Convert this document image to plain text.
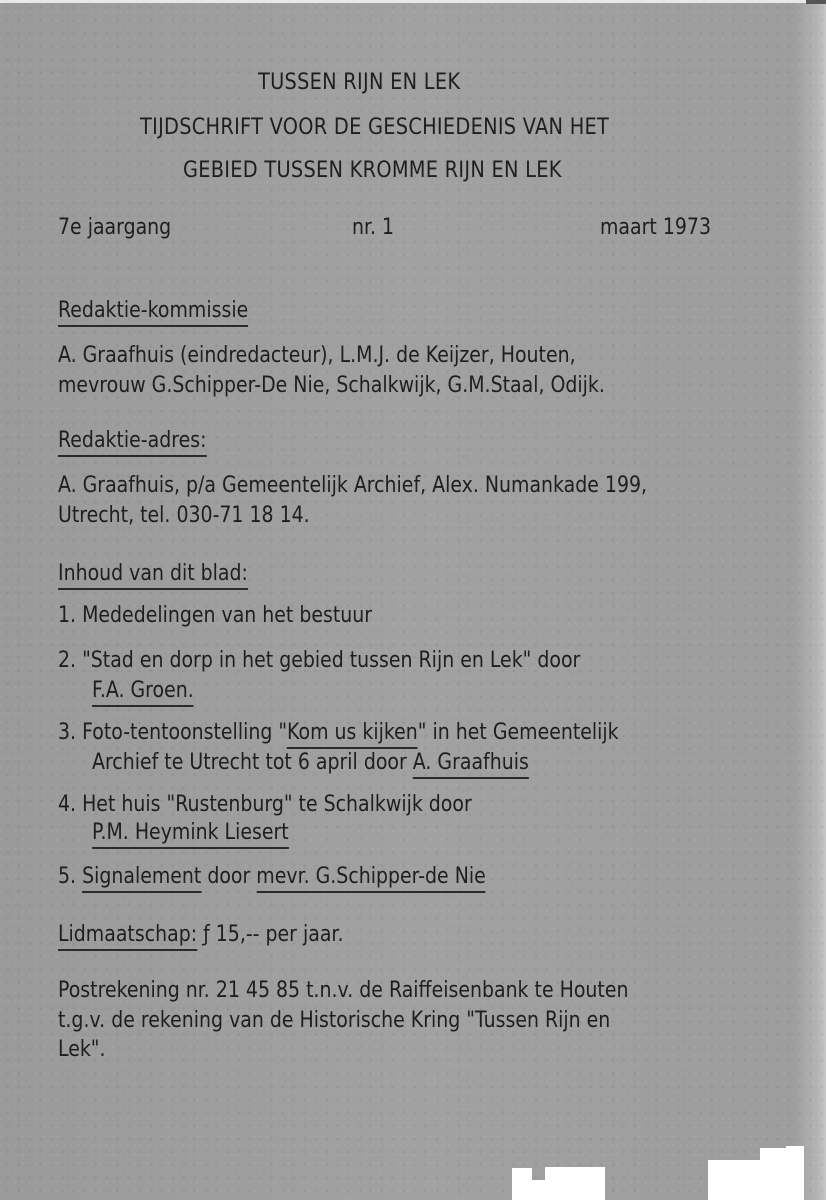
TUSSEN RIJN EN LEK
TIJDSCHRIFT VOOR DE GESCHIEDENIS VAN HET
GEBIED TUSSEN KROMME RIJN EN LEK
7e jaargang	nr. 1	maart 1973
Redaktie-kommissie
A. Graafhuis (eindredacteur), L.M.J. de Keijzer, Houten,
mevrouw G.Schipper-De Nie, Schalkwijk, G.M.Staal, Odijk.
Redaktie-adres:
A. Graafhuis, p/a Gemeentelijk Archief, Alex. Numankade 199,
Utrecht, tel. 030-71 18 14.
Inhoud van dit blad:
1. Mededelingen van het bestuur
2. "Stad en dorp in het gebied tussen Rijn en Lek" door
F.A. Groen.
3. Foto-tentoonstelling "Kom us kijken" in het Gemeentelijk
Archief te Utrecht tot 6 april door A. Graafhuis
4. Het huis "Rustenburg" te Schalkwijk door
P.M. Heymink Liesert
5. Signalement door mevr. G.Schipper-de Nie
Lidmaatschap: ƒ 15,-- per jaar.
Postrekening nr. 21 45 85 t.n.v. de Raiffeisenbank te Houten
t.g.v. de rekening van de Historische Kring "Tussen Rijn en
Lek".
